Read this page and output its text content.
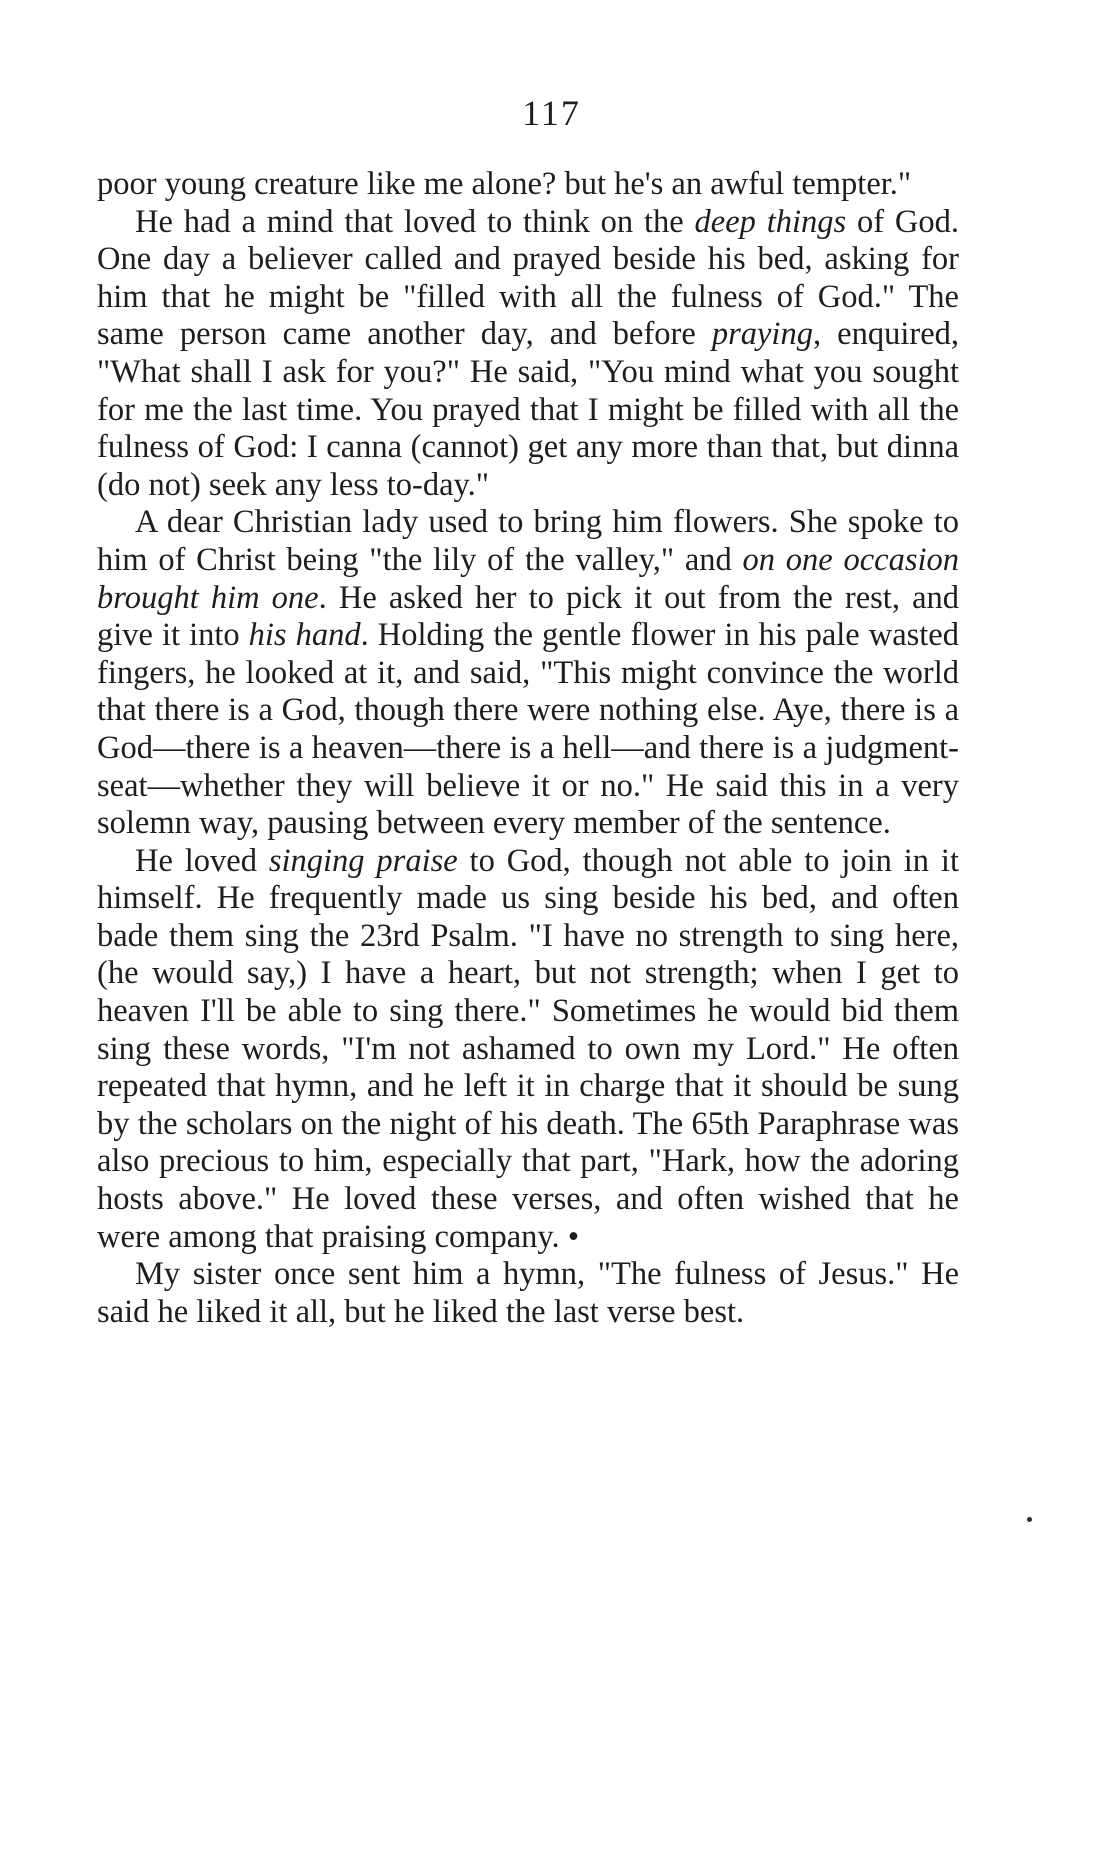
117

poor young creature like me alone? but he's an awful tempter."

He had a mind that loved to think on the deep things of God. One day a believer called and prayed beside his bed, asking for him that he might be "filled with all the fulness of God." The same person came another day, and before praying, enquired, "What shall I ask for you?" He said, "You mind what you sought for me the last time. You prayed that I might be filled with all the fulness of God: I canna (cannot) get any more than that, but dinna (do not) seek any less to-day."

A dear Christian lady used to bring him flowers. She spoke to him of Christ being "the lily of the valley," and on one occasion brought him one. He asked her to pick it out from the rest, and give it into his hand. Holding the gentle flower in his pale wasted fingers, he looked at it, and said, "This might convince the world that there is a God, though there were nothing else. Aye, there is a God—there is a heaven—there is a hell—and there is a judgment-seat—whether they will believe it or no." He said this in a very solemn way, pausing between every member of the sentence.

He loved singing praise to God, though not able to join in it himself. He frequently made us sing beside his bed, and often bade them sing the 23rd Psalm. "I have no strength to sing here, (he would say,) I have a heart, but not strength; when I get to heaven I'll be able to sing there." Sometimes he would bid them sing these words, "I'm not ashamed to own my Lord." He often repeated that hymn, and he left it in charge that it should be sung by the scholars on the night of his death. The 65th Paraphrase was also precious to him, especially that part, "Hark, how the adoring hosts above." He loved these verses, and often wished that he were among that praising company. •

My sister once sent him a hymn, "The fulness of Jesus." He said he liked it all, but he liked the last verse best.
